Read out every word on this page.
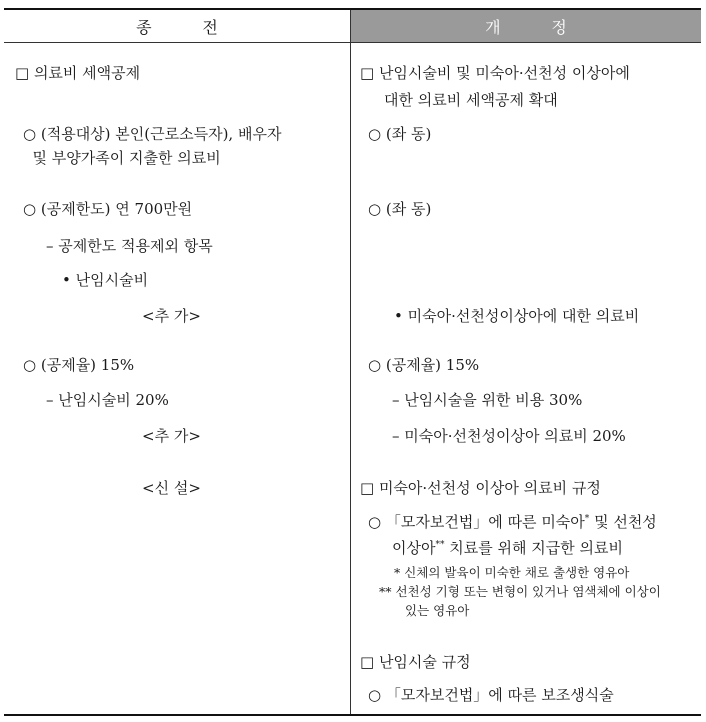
종          전	개          정
□ 의료비 세액공제
○ (적용대상) 본인(근로소득자), 배우자
및 부양가족이 지출한 의료비
○ (공제한도) 연 700만원
– 공제한도 적용제외 항목
• 난임시술비
<추 가>
○ (공제율) 15%
– 난임시술비 20%
<추 가>
<신 설>
□ 난임시술비 및 미숙아·선천성 이상아에
대한 의료비 세액공제 확대
○ (좌 동)
○ (좌 동)
• 미숙아·선천성이상아에 대한 의료비
○ (공제율) 15%
– 난임시술을 위한 비용 30%
– 미숙아·선천성이상아 의료비 20%
□ 미숙아·선천성 이상아 의료비 규정
○ 「모자보건법」에 따른 미숙아* 및 선천성
이상아** 치료를 위해 지급한 의료비
* 신체의 발육이 미숙한 채로 출생한 영유아
** 선천성 기형 또는 변형이 있거나 염색체에 이상이
있는 영유아
□ 난임시술 규정
○ 「모자보건법」에 따른 보조생식술
